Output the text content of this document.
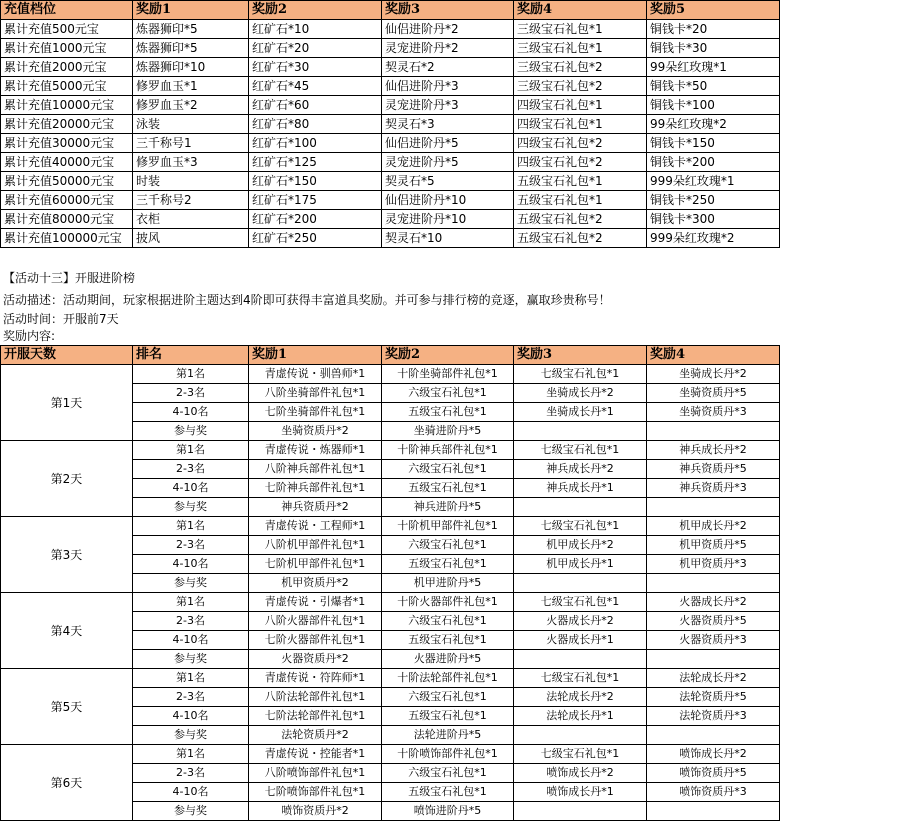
充值档位	奖励1	奖励2	奖励3	奖励4	奖励5
累计充值500元宝	炼器狮印*5	红矿石*10	仙侣进阶丹*2	三级宝石礼包*1	铜钱卡*20
累计充值1000元宝	炼器狮印*5	红矿石*20	灵宠进阶丹*2	三级宝石礼包*1	铜钱卡*30
累计充值2000元宝	炼器狮印*10	红矿石*30	契灵石*2	三级宝石礼包*2	99朵红玫瑰*1
累计充值5000元宝	修罗血玉*1	红矿石*45	仙侣进阶丹*3	三级宝石礼包*2	铜钱卡*50
累计充值10000元宝	修罗血玉*2	红矿石*60	灵宠进阶丹*3	四级宝石礼包*1	铜钱卡*100
累计充值20000元宝	泳装	红矿石*80	契灵石*3	四级宝石礼包*1	99朵红玫瑰*2
累计充值30000元宝	三千称号1	红矿石*100	仙侣进阶丹*5	四级宝石礼包*2	铜钱卡*150
累计充值40000元宝	修罗血玉*3	红矿石*125	灵宠进阶丹*5	四级宝石礼包*2	铜钱卡*200
累计充值50000元宝	时装	红矿石*150	契灵石*5	五级宝石礼包*1	999朵红玫瑰*1
累计充值60000元宝	三千称号2	红矿石*175	仙侣进阶丹*10	五级宝石礼包*1	铜钱卡*250
累计充值80000元宝	衣柜	红矿石*200	灵宠进阶丹*10	五级宝石礼包*2	铜钱卡*300
累计充值100000元宝	披风	红矿石*250	契灵石*10	五级宝石礼包*2	999朵红玫瑰*2
【活动十三】开服进阶榜
活动描述：活动期间，玩家根据进阶主题达到4阶即可获得丰富道具奖励。并可参与排行榜的竞逐，赢取珍贵称号！
活动时间：开服前7天
奖励内容:
开服天数	排名	奖励1	奖励2	奖励3	奖励4
第1天	第1名	青虚传说・驯兽师*1	十阶坐骑部件礼包*1	七级宝石礼包*1	坐骑成长丹*2
	2-3名	八阶坐骑部件礼包*1	六级宝石礼包*1	坐骑成长丹*2	坐骑资质丹*5
	4-10名	七阶坐骑部件礼包*1	五级宝石礼包*1	坐骑成长丹*1	坐骑资质丹*3
	参与奖	坐骑资质丹*2	坐骑进阶丹*5		
第2天	第1名	青虚传说・炼器师*1	十阶神兵部件礼包*1	七级宝石礼包*1	神兵成长丹*2
	2-3名	八阶神兵部件礼包*1	六级宝石礼包*1	神兵成长丹*2	神兵资质丹*5
	4-10名	七阶神兵部件礼包*1	五级宝石礼包*1	神兵成长丹*1	神兵资质丹*3
	参与奖	神兵资质丹*2	神兵进阶丹*5		
第3天	第1名	青虚传说・工程师*1	十阶机甲部件礼包*1	七级宝石礼包*1	机甲成长丹*2
	2-3名	八阶机甲部件礼包*1	六级宝石礼包*1	机甲成长丹*2	机甲资质丹*5
	4-10名	七阶机甲部件礼包*1	五级宝石礼包*1	机甲成长丹*1	机甲资质丹*3
	参与奖	机甲资质丹*2	机甲进阶丹*5		
第4天	第1名	青虚传说・引爆者*1	十阶火器部件礼包*1	七级宝石礼包*1	火器成长丹*2
	2-3名	八阶火器部件礼包*1	六级宝石礼包*1	火器成长丹*2	火器资质丹*5
	4-10名	七阶火器部件礼包*1	五级宝石礼包*1	火器成长丹*1	火器资质丹*3
	参与奖	火器资质丹*2	火器进阶丹*5		
第5天	第1名	青虚传说・符阵师*1	十阶法轮部件礼包*1	七级宝石礼包*1	法轮成长丹*2
	2-3名	八阶法轮部件礼包*1	六级宝石礼包*1	法轮成长丹*2	法轮资质丹*5
	4-10名	七阶法轮部件礼包*1	五级宝石礼包*1	法轮成长丹*1	法轮资质丹*3
	参与奖	法轮资质丹*2	法轮进阶丹*5		
第6天	第1名	青虚传说・控能者*1	十阶喷饰部件礼包*1	七级宝石礼包*1	喷饰成长丹*2
	2-3名	八阶喷饰部件礼包*1	六级宝石礼包*1	喷饰成长丹*2	喷饰资质丹*5
	4-10名	七阶喷饰部件礼包*1	五级宝石礼包*1	喷饰成长丹*1	喷饰资质丹*3
	参与奖	喷饰资质丹*2	喷饰进阶丹*5		
